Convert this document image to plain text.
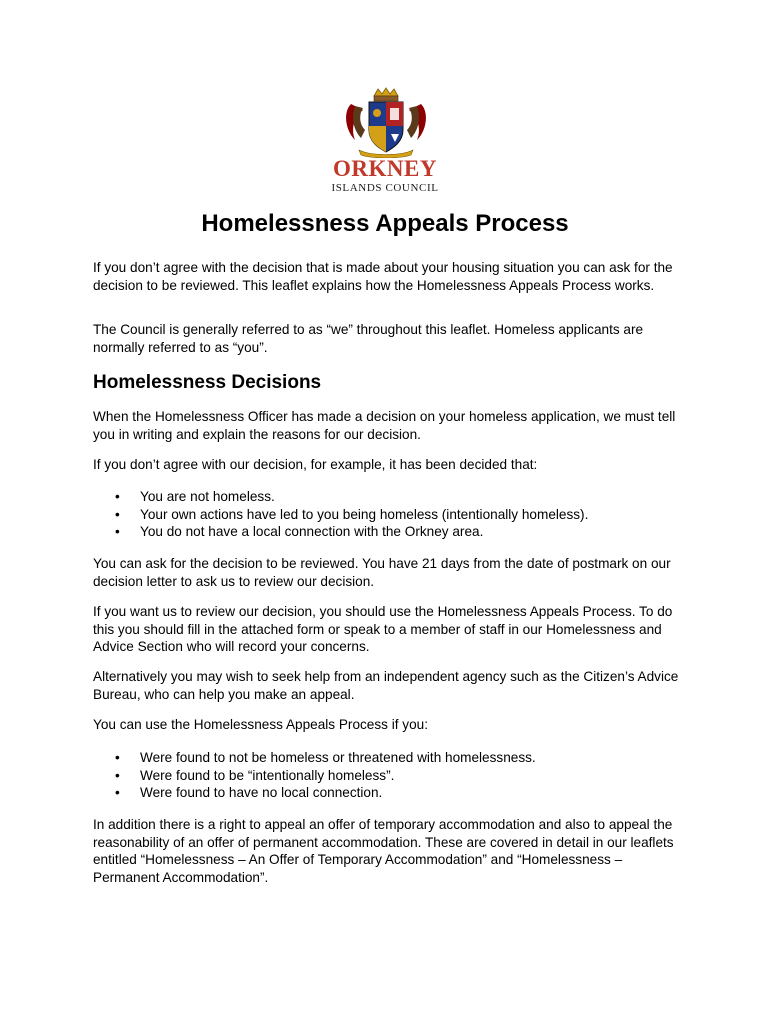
ORKNEY
ISLANDS COUNCIL
Homelessness Appeals Process

If you don’t agree with the decision that is made about your housing situation you can ask for the decision to be reviewed. This leaflet explains how the Homelessness Appeals Process works.

The Council is generally referred to as “we” throughout this leaflet. Homeless applicants are normally referred to as “you”.

Homelessness Decisions

When the Homelessness Officer has made a decision on your homeless application, we must tell you in writing and explain the reasons for our decision.

If you don’t agree with our decision, for example, it has been decided that:

• You are not homeless.
• Your own actions have led to you being homeless (intentionally homeless).
• You do not have a local connection with the Orkney area.

You can ask for the decision to be reviewed. You have 21 days from the date of postmark on our decision letter to ask us to review our decision.

If you want us to review our decision, you should use the Homelessness Appeals Process. To do this you should fill in the attached form or speak to a member of staff in our Homelessness and Advice Section who will record your concerns.

Alternatively you may wish to seek help from an independent agency such as the Citizen’s Advice Bureau, who can help you make an appeal.

You can use the Homelessness Appeals Process if you:

• Were found to not be homeless or threatened with homelessness.
• Were found to be “intentionally homeless”.
• Were found to have no local connection.

In addition there is a right to appeal an offer of temporary accommodation and also to appeal the reasonability of an offer of permanent accommodation. These are covered in detail in our leaflets entitled “Homelessness – An Offer of Temporary Accommodation” and “Homelessness – Permanent Accommodation”.
